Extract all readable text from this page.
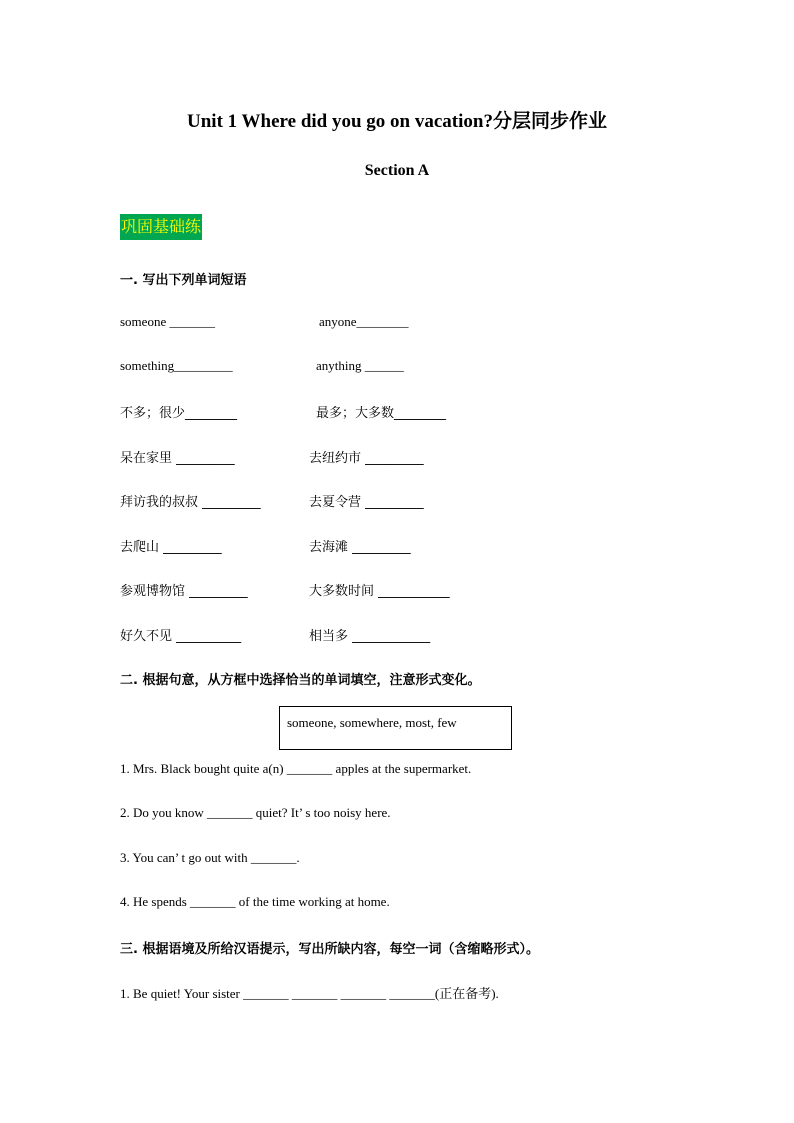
Unit 1 Where did you go on vacation?分层同步作业
Section A
巩固基础练
一. 写出下列单词短语
someone _______	anyone________
something_________	anything ______
不多；很少________	最多；大多数________
呆在家里 _________	去纽约市 _________
拜访我的叔叔 _________	去夏令营 _________
去爬山 _________	去海滩 _________
参观博物馆 _________	大多数时间 ___________
好久不见 __________	相当多 ____________
二. 根据句意，从方框中选择恰当的单词填空，注意形式变化。
someone, somewhere, most, few
1. Mrs. Black bought quite a(n) _______ apples at the supermarket.
2. Do you know _______ quiet? It’ s too noisy here.
3. You can’ t go out with _______.
4. He spends _______ of the time working at home.
三. 根据语境及所给汉语提示，写出所缺内容，每空一词（含缩略形式）。
1. Be quiet! Your sister _______ _______ _______ _______(正在备考).
